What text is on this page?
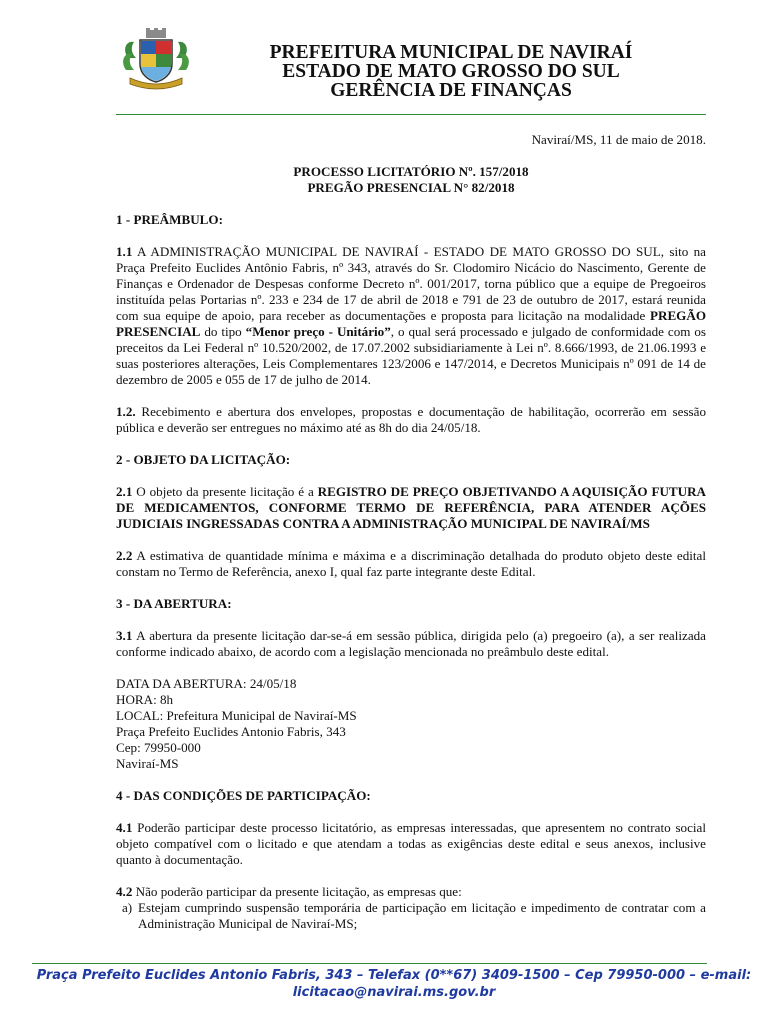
PREFEITURA MUNICIPAL DE NAVIRAÍ
ESTADO DE MATO GROSSO DO SUL
GERÊNCIA DE FINANÇAS
Naviraí/MS, 11 de maio de 2018.
PROCESSO LICITATÓRIO Nº. 157/2018
PREGÃO PRESENCIAL N° 82/2018
1 - PREÂMBULO:

1.1 A ADMINISTRAÇÃO MUNICIPAL DE NAVIRAÍ - ESTADO DE MATO GROSSO DO SUL, sito na Praça Prefeito Euclides Antônio Fabris, nº 343, através do Sr. Clodomiro Nicácio do Nascimento, Gerente de Finanças e Ordenador de Despesas conforme Decreto nº. 001/2017, torna público que a equipe de Pregoeiros instituída pelas Portarias nº. 233 e 234 de 17 de abril de 2018 e 791 de 23 de outubro de 2017, estará reunida com sua equipe de apoio, para receber as documentações e proposta para licitação na modalidade PREGÃO PRESENCIAL do tipo “Menor preço - Unitário”, o qual será processado e julgado de conformidade com os preceitos da Lei Federal nº 10.520/2002, de 17.07.2002 subsidiariamente à Lei nº. 8.666/1993, de 21.06.1993 e suas posteriores alterações, Leis Complementares 123/2006 e 147/2014, e Decretos Municipais nº 091 de 14 de dezembro de 2005 e 055 de 17 de julho de 2014.

1.2. Recebimento e abertura dos envelopes, propostas e documentação de habilitação, ocorrerão em sessão pública e deverão ser entregues no máximo até as 8h do dia 24/05/18.

2 - OBJETO DA LICITAÇÃO:

2.1 O objeto da presente licitação é a REGISTRO DE PREÇO OBJETIVANDO A AQUISIÇÃO FUTURA DE MEDICAMENTOS, CONFORME TERMO DE REFERÊNCIA, PARA ATENDER AÇÕES JUDICIAIS INGRESSADAS CONTRA A ADMINISTRAÇÃO MUNICIPAL DE NAVIRAÍ/MS

2.2 A estimativa de quantidade mínima e máxima e a discriminação detalhada do produto objeto deste edital constam no Termo de Referência, anexo I, qual faz parte integrante deste Edital.

3 - DA ABERTURA:

3.1 A abertura da presente licitação dar-se-á em sessão pública, dirigida pelo (a) pregoeiro (a), a ser realizada conforme indicado abaixo, de acordo com a legislação mencionada no preâmbulo deste edital.

DATA DA ABERTURA: 24/05/18
HORA: 8h
LOCAL: Prefeitura Municipal de Naviraí-MS
Praça Prefeito Euclides Antonio Fabris, 343
Cep: 79950-000
Naviraí-MS
4 - DAS CONDIÇÕES DE PARTICIPAÇÃO:

4.1 Poderão participar deste processo licitatório, as empresas interessadas, que apresentem no contrato social objeto compatível com o licitado e que atendam a todas as exigências deste edital e seus anexos, inclusive quanto à documentação.

4.2 Não poderão participar da presente licitação, as empresas que:

a) Estejam cumprindo suspensão temporária de participação em licitação e impedimento de contratar com a Administração Municipal de Naviraí-MS;
Praça Prefeito Euclides Antonio Fabris, 343 – Telefax (0**67) 3409-1500 – Cep 79950-000 – e-mail:
licitacao@navirai.ms.gov.br
